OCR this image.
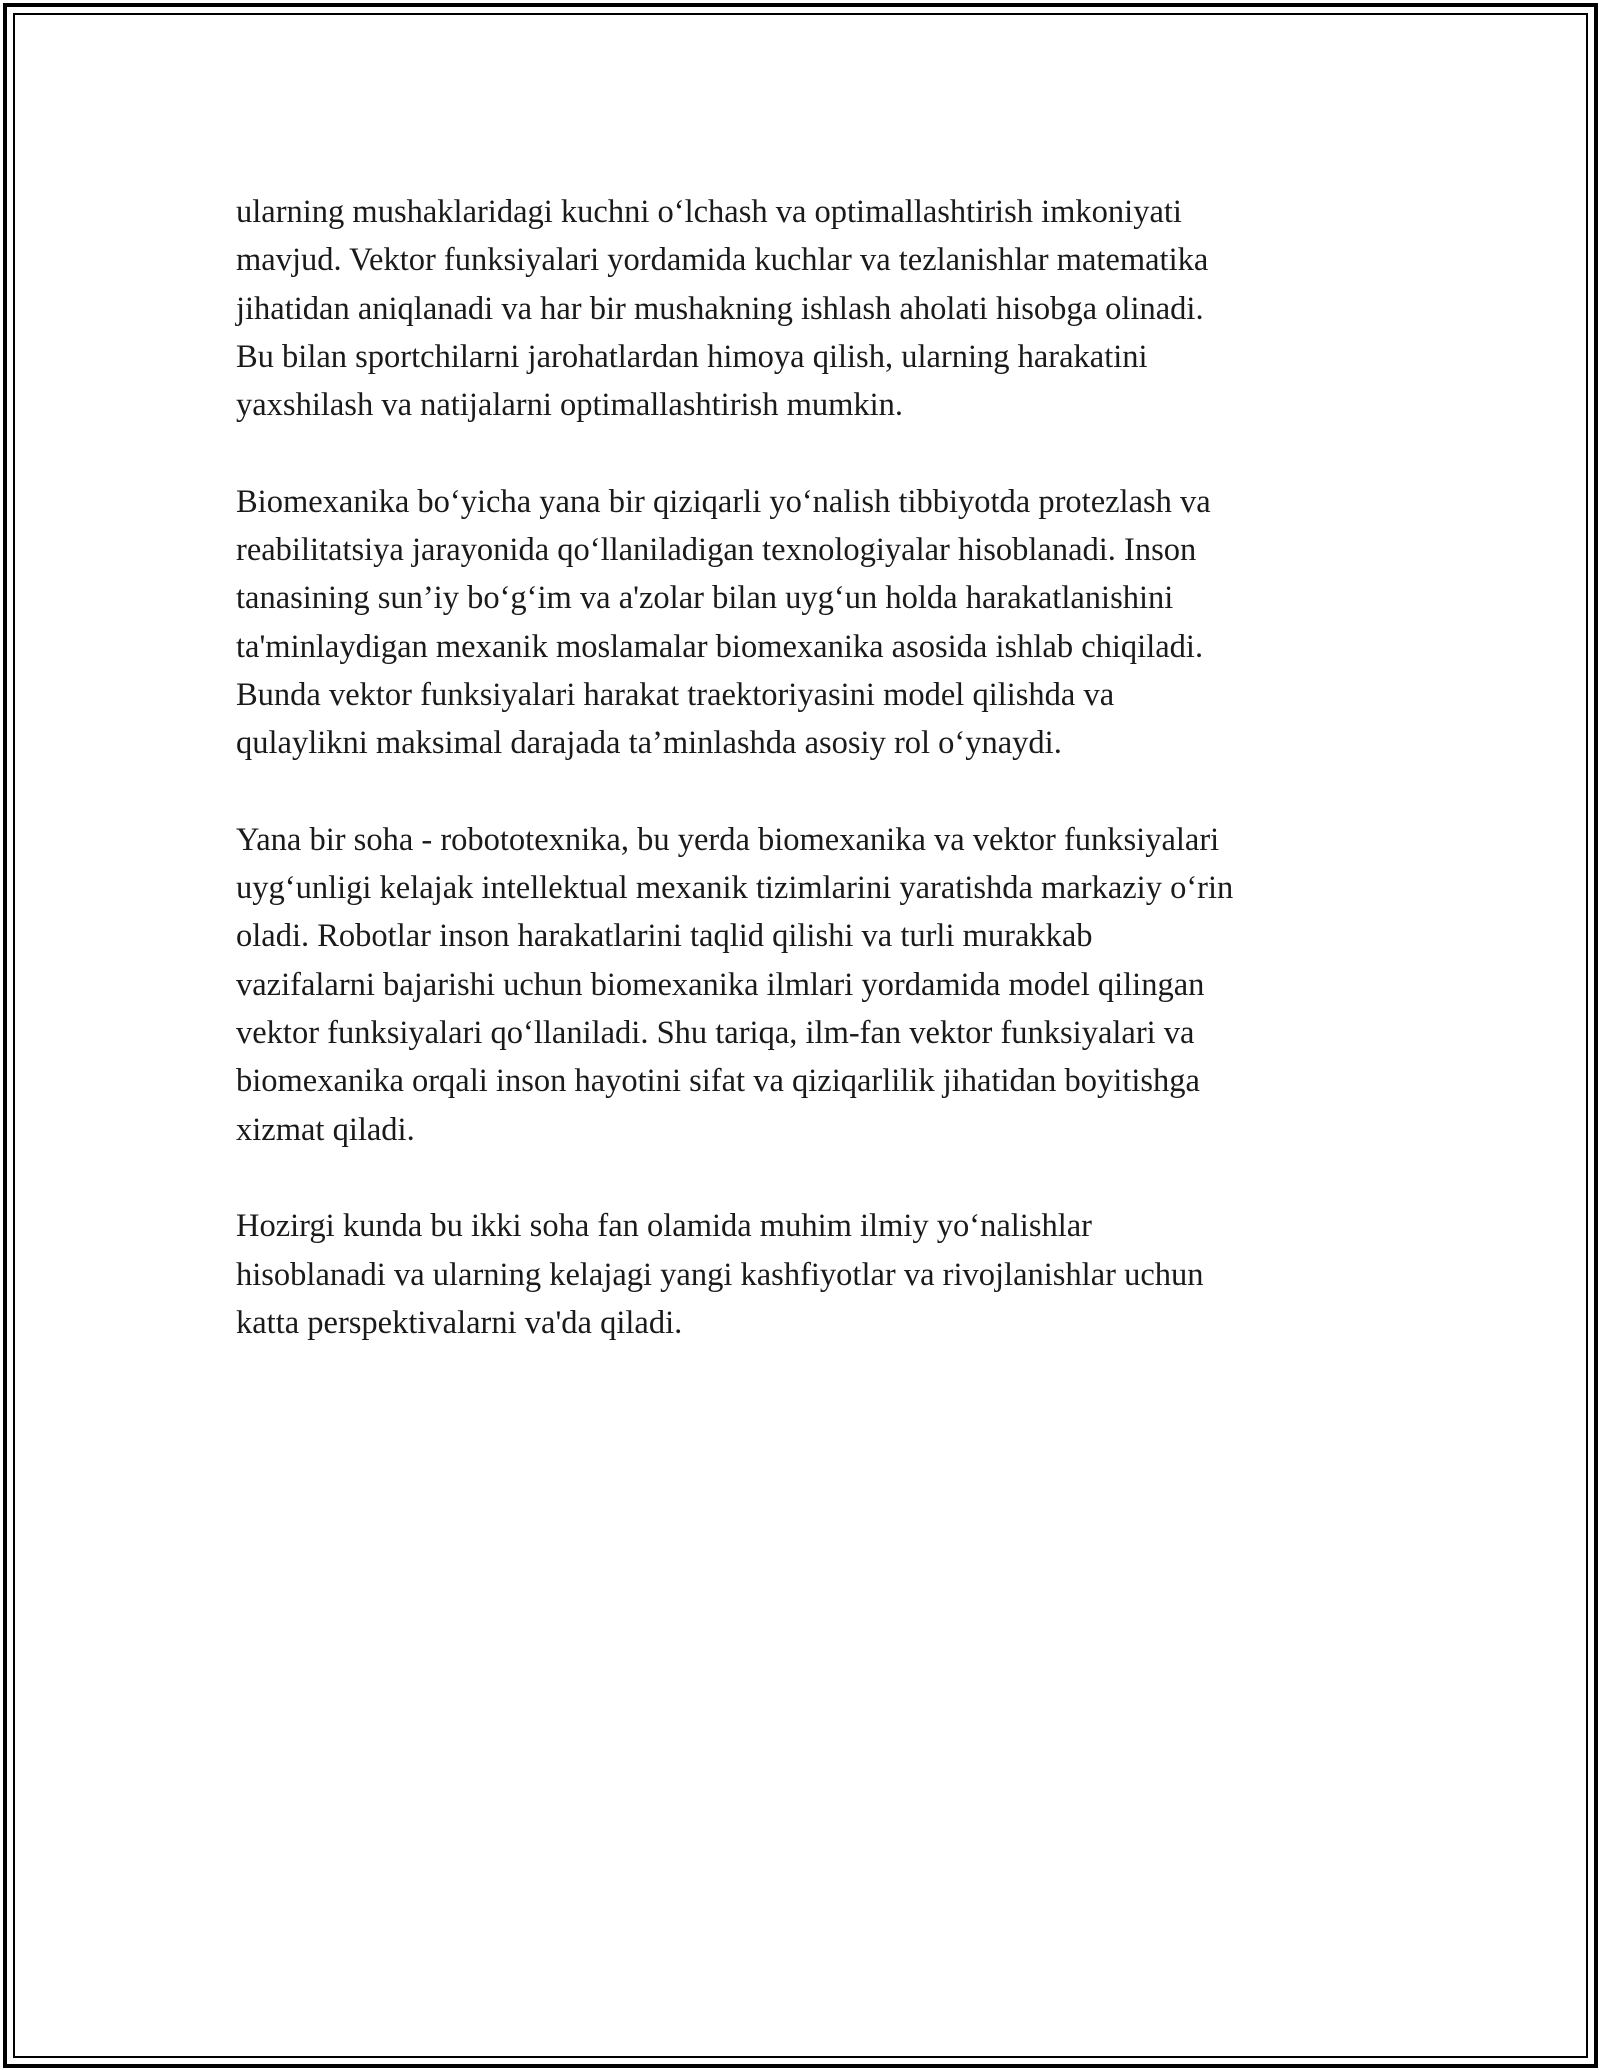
ularning mushaklaridagi kuchni oʻlchash va optimallashtirish imkoniyati
mavjud. Vektor funksiyalari yordamida kuchlar va tezlanishlar matematika
jihatidan aniqlanadi va har bir mushakning ishlash aholati hisobga olinadi.
Bu bilan sportchilarni jarohatlardan himoya qilish, ularning harakatini
yaxshilash va natijalarni optimallashtirish mumkin.

Biomexanika boʻyicha yana bir qiziqarli yoʻnalish tibbiyotda protezlash va
reabilitatsiya jarayonida qoʻllaniladigan texnologiyalar hisoblanadi. Inson
tanasining sun’iy boʻgʻim va a'zolar bilan uygʻun holda harakatlanishini
ta'minlaydigan mexanik moslamalar biomexanika asosida ishlab chiqiladi.
Bunda vektor funksiyalari harakat traektoriyasini model qilishda va
qulaylikni maksimal darajada ta’minlashda asosiy rol oʻynaydi.

Yana bir soha - robototexnika, bu yerda biomexanika va vektor funksiyalari
uygʻunligi kelajak intellektual mexanik tizimlarini yaratishda markaziy oʻrin
oladi. Robotlar inson harakatlarini taqlid qilishi va turli murakkab
vazifalarni bajarishi uchun biomexanika ilmlari yordamida model qilingan
vektor funksiyalari qoʻllaniladi. Shu tariqa, ilm-fan vektor funksiyalari va
biomexanika orqali inson hayotini sifat va qiziqarlilik jihatidan boyitishga
xizmat qiladi.

Hozirgi kunda bu ikki soha fan olamida muhim ilmiy yoʻnalishlar
hisoblanadi va ularning kelajagi yangi kashfiyotlar va rivojlanishlar uchun
katta perspektivalarni va'da qiladi.
